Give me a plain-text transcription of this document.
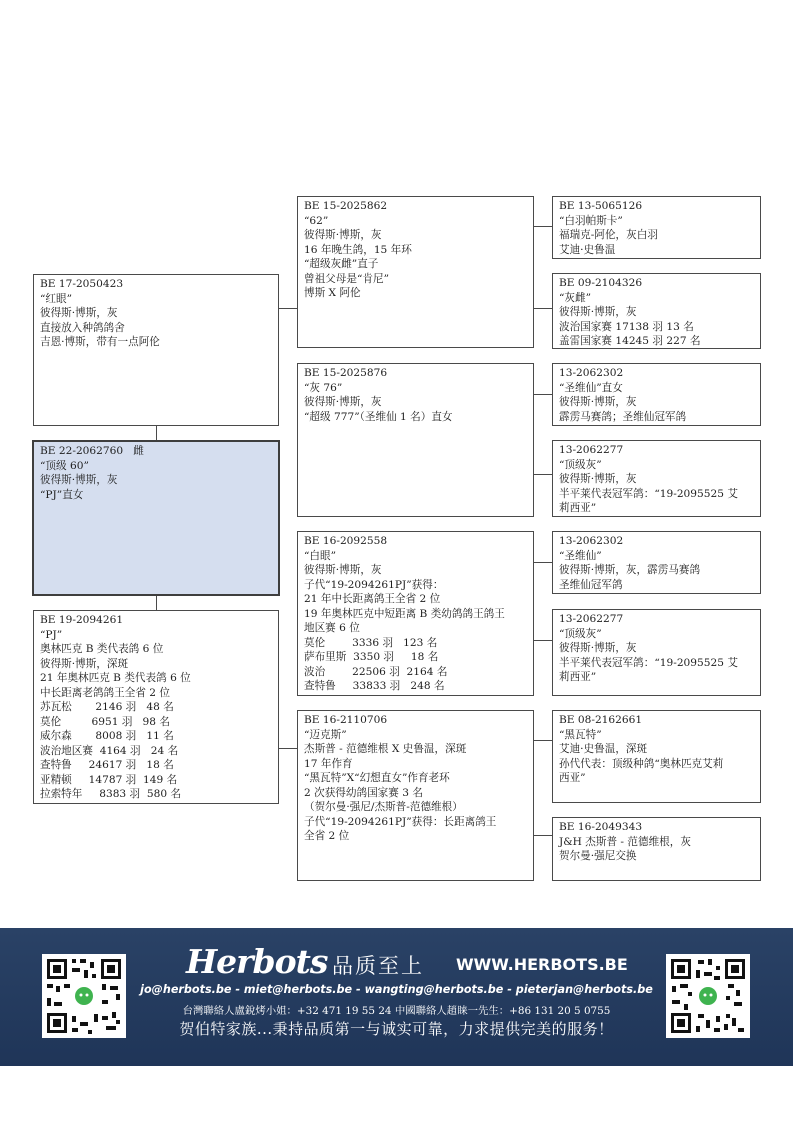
BE 17-2050423
“红眼”
彼得斯·博斯，灰
直接放入种鸽鸽舍
吉恩·博斯，带有一点阿伦
BE 22-2062760   雌
“顶级 60”
彼得斯·博斯，灰
“PJ”直女
BE 19-2094261
“PJ”
奥林匹克 B 类代表鸽 6 位
彼得斯·博斯，深斑
21 年奥林匹克 B 类代表鸽 6 位
中长距离老鸽鸽王全省 2 位
苏瓦松       2146 羽   48 名
莫伦         6951 羽   98 名
威尔森       8008 羽   11 名
波治地区赛  4164 羽   24 名
查特鲁     24617 羽   18 名
亚精顿     14787 羽  149 名
拉索特年     8383 羽  580 名
BE 15-2025862
“62”
彼得斯·博斯，灰
16 年晚生鸽，15 年环
“超级灰雌”直子
曾祖父母是“肯尼”
博斯 X 阿伦
BE 15-2025876
“灰 76”
彼得斯·博斯，灰
“超级 777”（圣维仙 1 名）直女
BE 16-2092558
“白眼”
彼得斯·博斯，灰
子代“19-2094261PJ”获得：
21 年中长距离鸽王全省 2 位
19 年奥林匹克中短距离 B 类幼鸽鸽王鸽王
地区赛 6 位
莫伦        3336 羽   123 名
萨布里斯  3350 羽     18 名
波治        22506 羽  2164 名
查特鲁     33833 羽   248 名
BE 16-2110706
“迈克斯”
杰斯普 - 范德维根 X 史鲁温，深斑
17 年作育
“黑瓦特”X“幻想直女”作育老环
2 次获得幼鸽国家赛 3 名
（贺尔曼·强尼/杰斯普-范德维根）
子代“19-2094261PJ”获得：长距离鸽王
全省 2 位
BE 13-5065126
“白羽帕斯卡”
福瑞克-阿伦，灰白羽
艾迪·史鲁温
BE 09-2104326
“灰雌”
彼得斯·博斯，灰
波治国家赛 17138 羽 13 名
盖雷国家赛 14245 羽 227 名
13-2062302
“圣维仙”直女
彼得斯·博斯，灰
霹雳马赛鸽；圣维仙冠军鸽
13-2062277
“顶级灰”
彼得斯·博斯，灰
半平莱代表冠军鸽：“19-2095525 艾
莉西亚”
13-2062302
“圣维仙”
彼得斯·博斯，灰，霹雳马赛鸽
圣维仙冠军鸽
13-2062277
“顶级灰”
彼得斯·博斯，灰
半平莱代表冠军鸽：“19-2095525 艾
莉西亚”
BE 08-2162661
“黑瓦特”
艾迪·史鲁温，深斑
孙代代表：顶级种鸽“奥林匹克艾莉
西亚”
BE 16-2049343
J&H 杰斯普 - 范德维根，灰
贺尔曼·强尼交换
Herbots 品质至上 WWW.HERBOTS.BE
jo@herbots.be - miet@herbots.be - wangting@herbots.be - pieterjan@herbots.be
台灣聯絡人盧銳烤小姐：+32 471 19 55 24 中國聯絡人趙睐一先生：+86 131 20 5 0755
贺伯特家族...秉持品质第一与诚实可靠，力求提供完美的服务！
